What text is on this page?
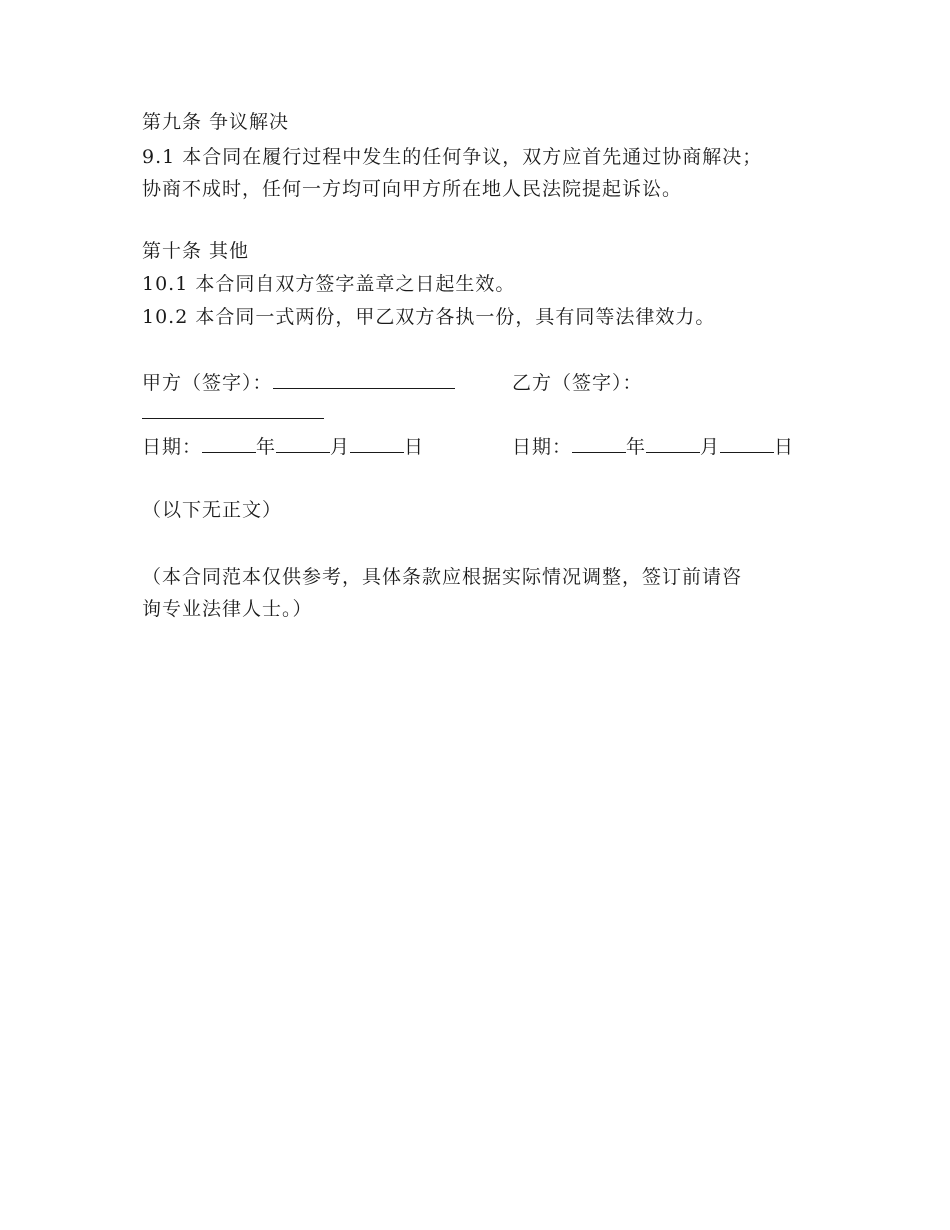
第九条 争议解决
9.1 本合同在履行过程中发生的任何争议，双方应首先通过协商解决；
协商不成时，任何一方均可向甲方所在地人民法院提起诉讼。
第十条 其他
10.1 本合同自双方签字盖章之日起生效。
10.2 本合同一式两份，甲乙双方各执一份，具有同等法律效力。
甲方（签字）：	乙方（签字）：
日期：	年	月	日	日期：	年	月	日
（以下无正文）
（本合同范本仅供参考，具体条款应根据实际情况调整，签订前请咨
询专业法律人士。）
